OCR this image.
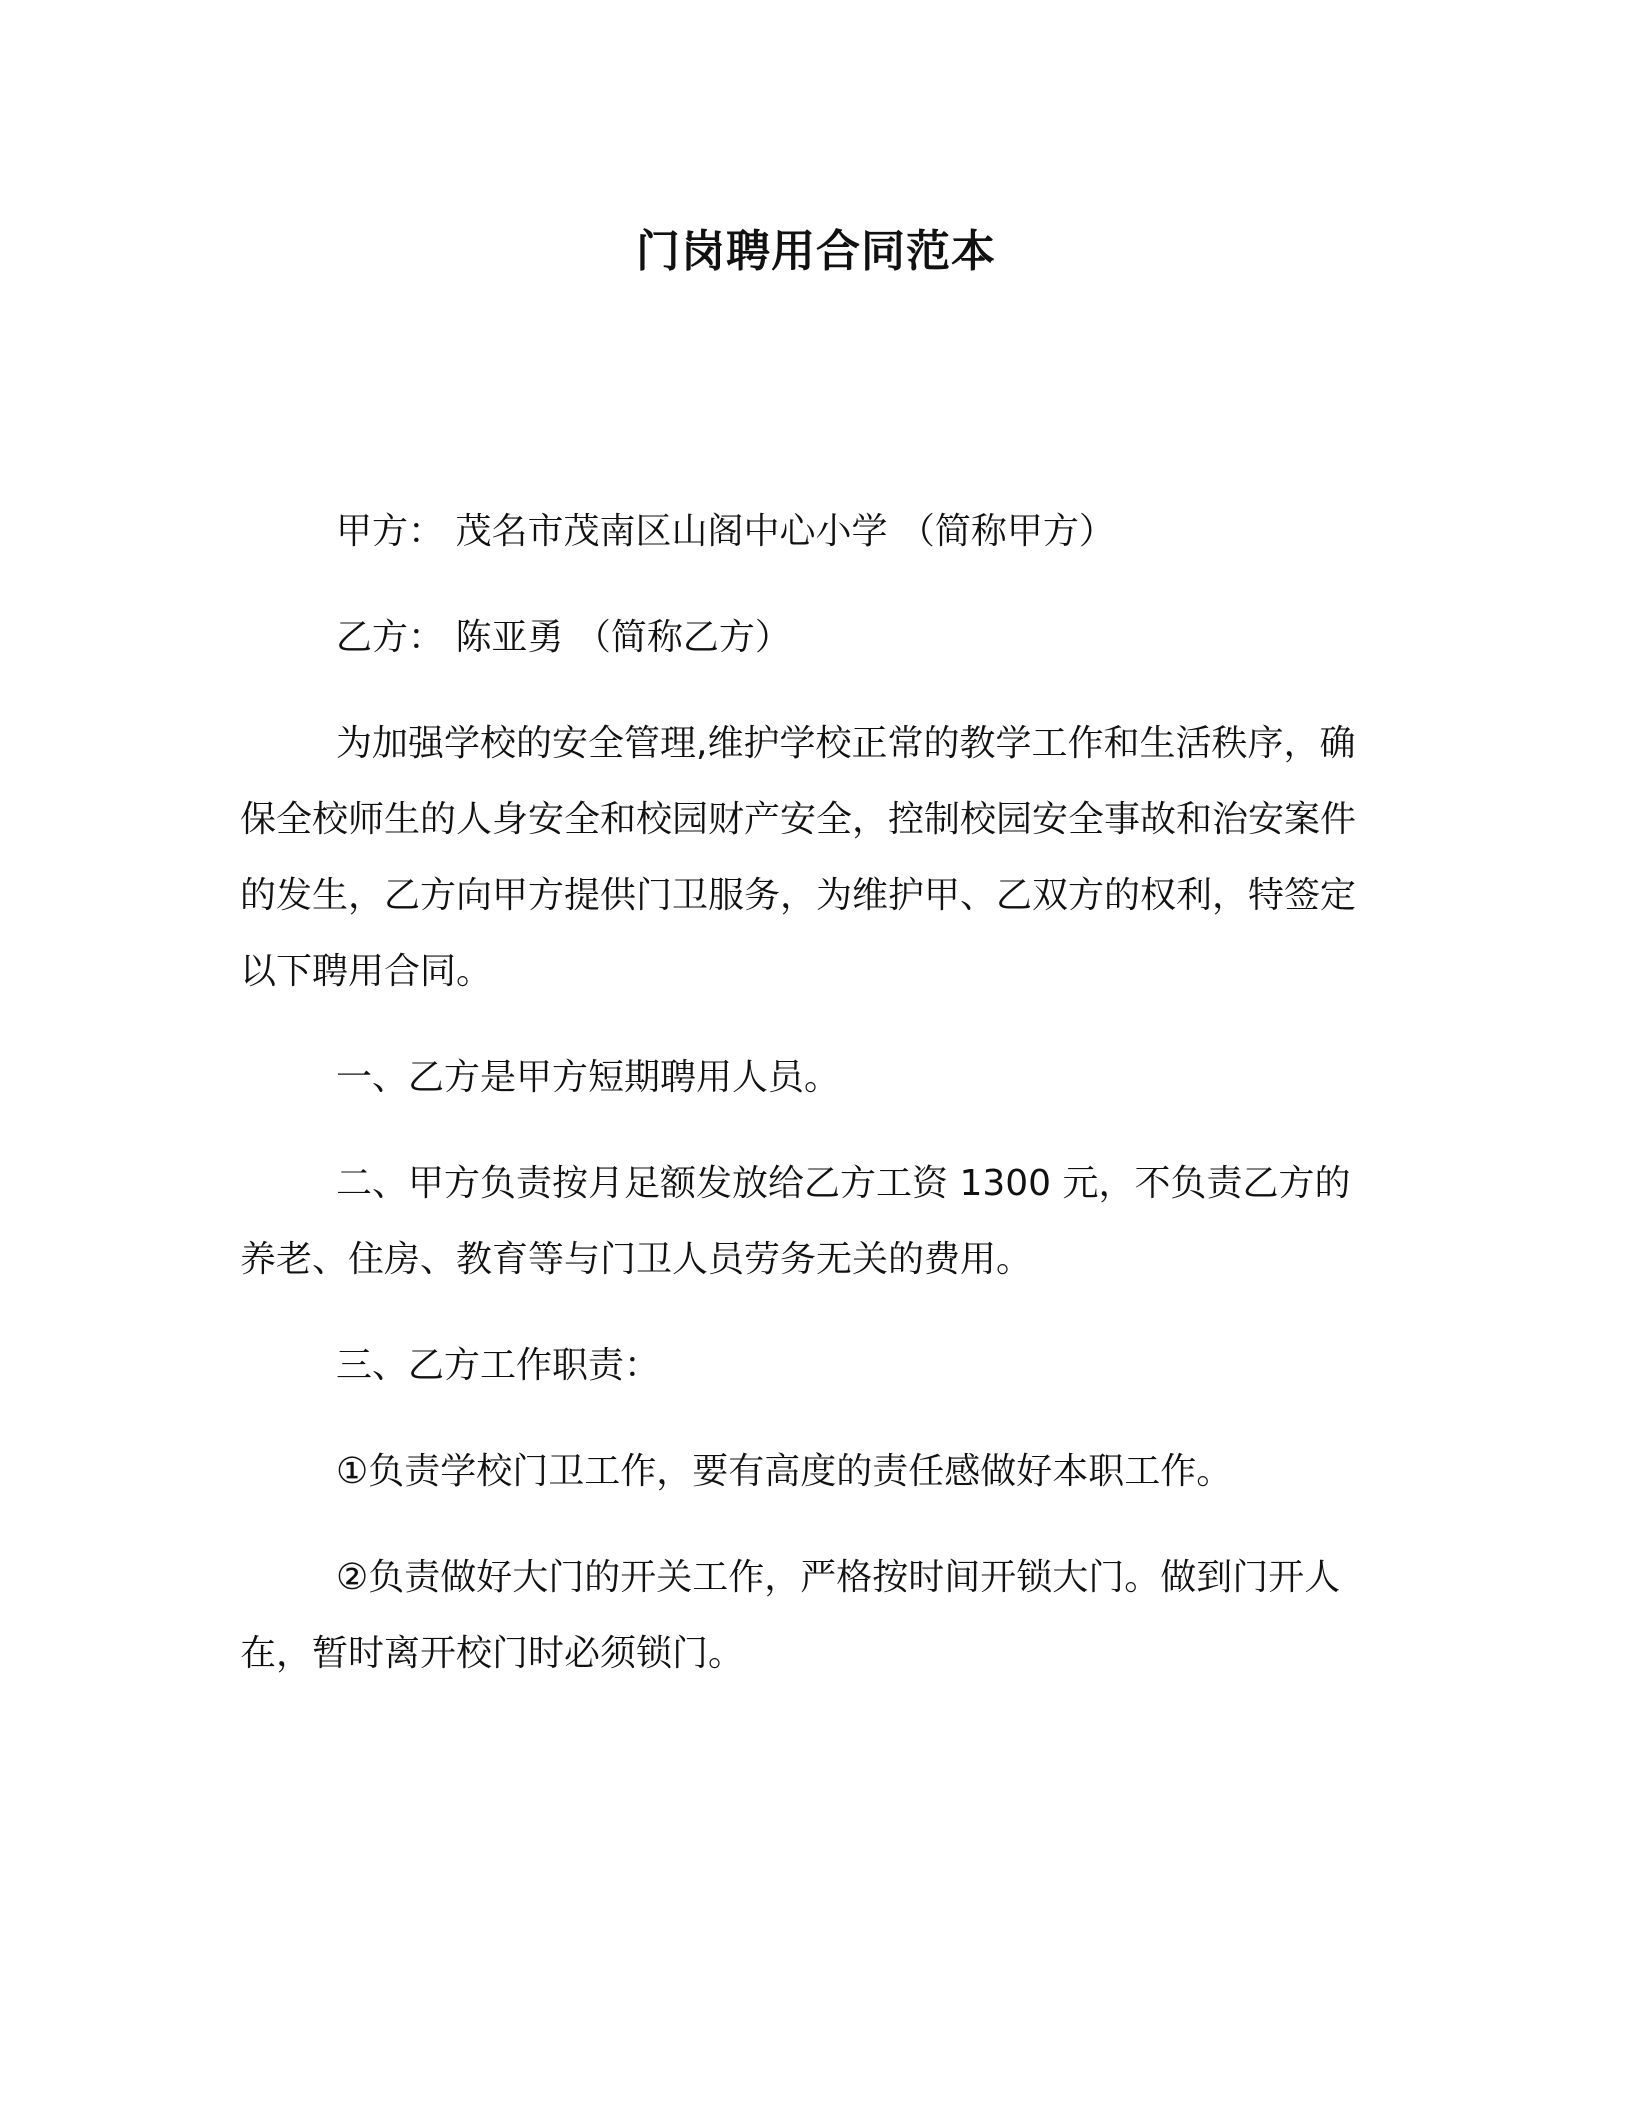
门岗聘用合同范本

甲方： 茂名市茂南区山阁中心小学 （简称甲方）

乙方： 陈亚勇 （简称乙方）

为加强学校的安全管理,维护学校正常的教学工作和生活秩序，确保全校师生的人身安全和校园财产安全，控制校园安全事故和治安案件的发生，乙方向甲方提供门卫服务，为维护甲、乙双方的权利，特签定以下聘用合同。

一、乙方是甲方短期聘用人员。

二、甲方负责按月足额发放给乙方工资 1300 元，不负责乙方的养老、住房、教育等与门卫人员劳务无关的费用。

三、乙方工作职责：

①负责学校门卫工作，要有高度的责任感做好本职工作。

②负责做好大门的开关工作，严格按时间开锁大门。做到门开人在，暂时离开校门时必须锁门。
